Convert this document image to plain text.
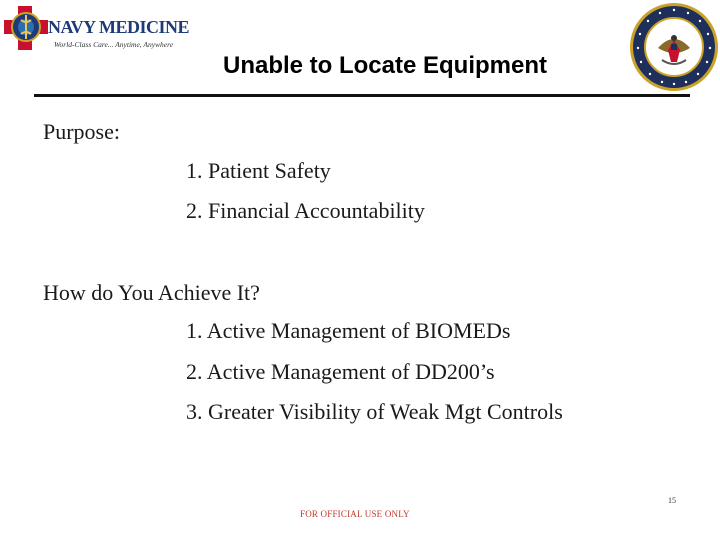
NAVY MEDICINE
World-Class Care... Anytime, Anywhere
Unable to Locate Equipment
Purpose:
1. Patient Safety
2. Financial Accountability
How do You Achieve It?
1. Active Management of BIOMEDs
2. Active Management of DD200’s
3. Greater Visibility of Weak Mgt Controls
15
FOR OFFICIAL USE ONLY
